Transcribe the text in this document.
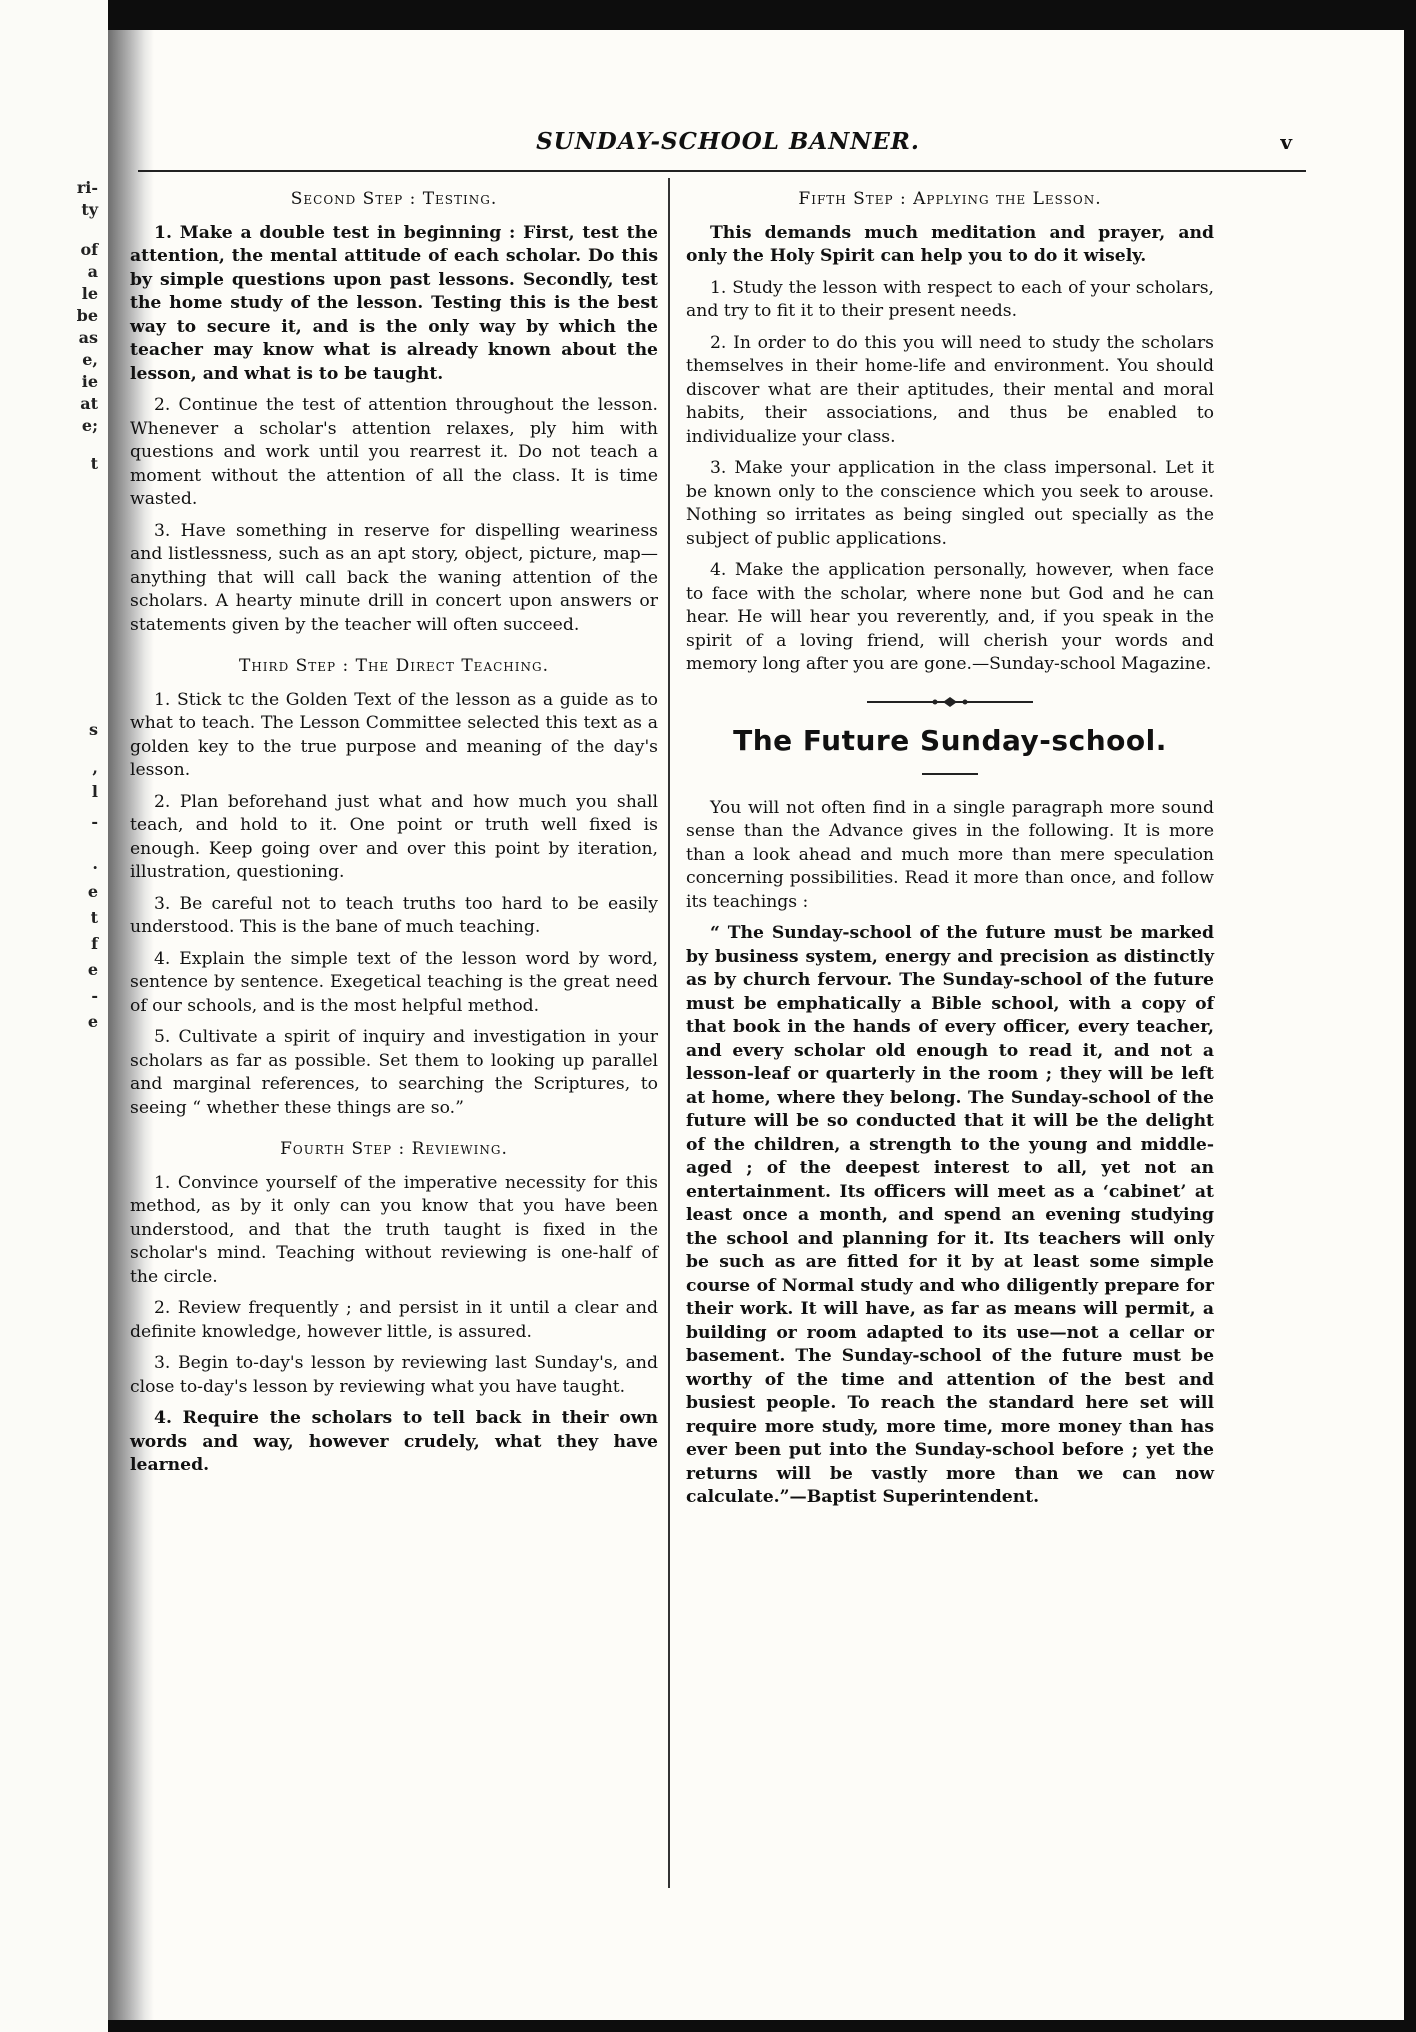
ri-
ty
of
a
le
be
as
e,
ie
at
e;
t
s
,
l
-
.
e
t
f
e
-
e
SUNDAY-SCHOOL BANNER.	v
Second Step : Testing.

1. Make a double test in beginning : First, test the attention, the mental attitude of each scholar. Do this by simple questions upon past lessons. Secondly, test the home study of the lesson. Testing this is the best way to secure it, and is the only way by which the teacher may know what is already known about the lesson, and what is to be taught.

2. Continue the test of attention throughout the lesson. Whenever a scholar's attention relaxes, ply him with questions and work until you rearrest it. Do not teach a moment without the attention of all the class. It is time wasted.

3. Have something in reserve for dispelling weariness and listlessness, such as an apt story, object, picture, map—anything that will call back the waning attention of the scholars. A hearty minute drill in concert upon answers or statements given by the teacher will often succeed.

Third Step : The Direct Teaching.

1. Stick tc the Golden Text of the lesson as a guide as to what to teach. The Lesson Committee selected this text as a golden key to the true purpose and meaning of the day's lesson.

2. Plan beforehand just what and how much you shall teach, and hold to it. One point or truth well fixed is enough. Keep going over and over this point by iteration, illustration, questioning.

3. Be careful not to teach truths too hard to be easily understood. This is the bane of much teaching.

4. Explain the simple text of the lesson word by word, sentence by sentence. Exegetical teaching is the great need of our schools, and is the most helpful method.

5. Cultivate a spirit of inquiry and investigation in your scholars as far as possible. Set them to looking up parallel and marginal references, to searching the Scriptures, to seeing “ whether these things are so.”

Fourth Step : Reviewing.

1. Convince yourself of the imperative necessity for this method, as by it only can you know that you have been understood, and that the truth taught is fixed in the scholar's mind. Teaching without reviewing is one-half of the circle.

2. Review frequently ; and persist in it until a clear and definite knowledge, however little, is assured.

3. Begin to-day's lesson by reviewing last Sunday's, and close to-day's lesson by reviewing what you have taught.

4. Require the scholars to tell back in their own words and way, however crudely, what they have learned.

Fifth Step : Applying the Lesson.

This demands much meditation and prayer, and only the Holy Spirit can help you to do it wisely.

1. Study the lesson with respect to each of your scholars, and try to fit it to their present needs.

2. In order to do this you will need to study the scholars themselves in their home-life and environment. You should discover what are their aptitudes, their mental and moral habits, their associations, and thus be enabled to individualize your class.

3. Make your application in the class impersonal. Let it be known only to the conscience which you seek to arouse. Nothing so irritates as being singled out specially as the subject of public applications.

4. Make the application personally, however, when face to face with the scholar, where none but God and he can hear. He will hear you reverently, and, if you speak in the spirit of a loving friend, will cherish your words and memory long after you are gone.—Sunday-school Magazine.

The Future Sunday-school.

You will not often find in a single paragraph more sound sense than the Advance gives in the following. It is more than a look ahead and much more than mere speculation concerning possibilities. Read it more than once, and follow its teachings :

“ The Sunday-school of the future must be marked by business system, energy and precision as distinctly as by church fervour. The Sunday-school of the future must be emphatically a Bible school, with a copy of that book in the hands of every officer, every teacher, and every scholar old enough to read it, and not a lesson-leaf or quarterly in the room ; they will be left at home, where they belong. The Sunday-school of the future will be so conducted that it will be the delight of the children, a strength to the young and middle-aged ; of the deepest interest to all, yet not an entertainment. Its officers will meet as a ‘cabinet’ at least once a month, and spend an evening studying the school and planning for it. Its teachers will only be such as are fitted for it by at least some simple course of Normal study and who diligently prepare for their work. It will have, as far as means will permit, a building or room adapted to its use—not a cellar or basement. The Sunday-school of the future must be worthy of the time and attention of the best and busiest people. To reach the standard here set will require more study, more time, more money than has ever been put into the Sunday-school before ; yet the returns will be vastly more than we can now calculate.”—Baptist Superintendent.
